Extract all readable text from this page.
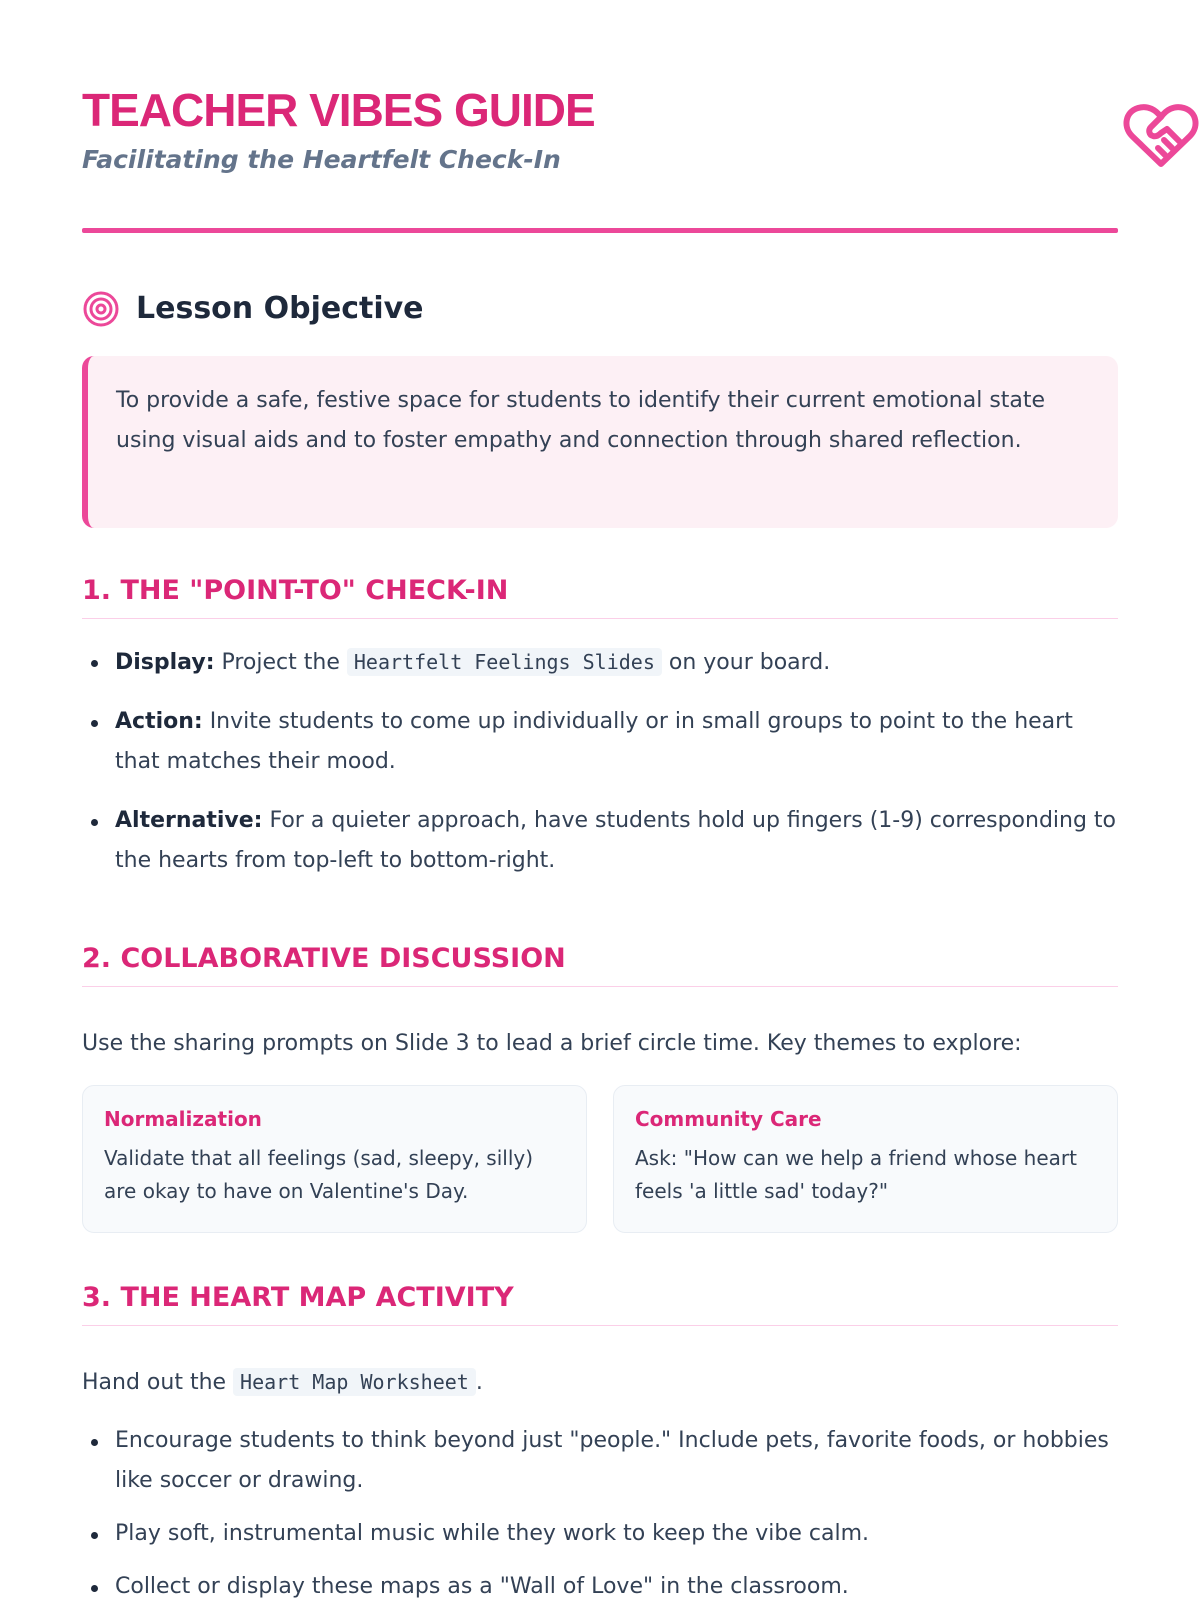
TEACHER VIBES GUIDE

Facilitating the Heartfelt Check-In

Lesson Objective

To provide a safe, festive space for students to identify their current emotional state using visual aids and to foster empathy and connection through shared reflection.

1. THE "POINT-TO" CHECK-IN
Display: Project the Heartfelt Feelings Slides on your board.
Action: Invite students to come up individually or in small groups to point to the heart that matches their mood.
Alternative: For a quieter approach, have students hold up fingers (1-9) corresponding to the hearts from top-left to bottom-right.
2. COLLABORATIVE DISCUSSION

Use the sharing prompts on Slide 3 to lead a brief circle time. Key themes to explore:

Normalization

Validate that all feelings (sad, sleepy, silly) are okay to have on Valentine's Day.

Community Care

Ask: "How can we help a friend whose heart feels 'a little sad' today?"

3. THE HEART MAP ACTIVITY

Hand out the Heart Map Worksheet .

Encourage students to think beyond just "people." Include pets, favorite foods, or hobbies like soccer or drawing.
Play soft, instrumental music while they work to keep the vibe calm.
Collect or display these maps as a "Wall of Love" in the classroom.
